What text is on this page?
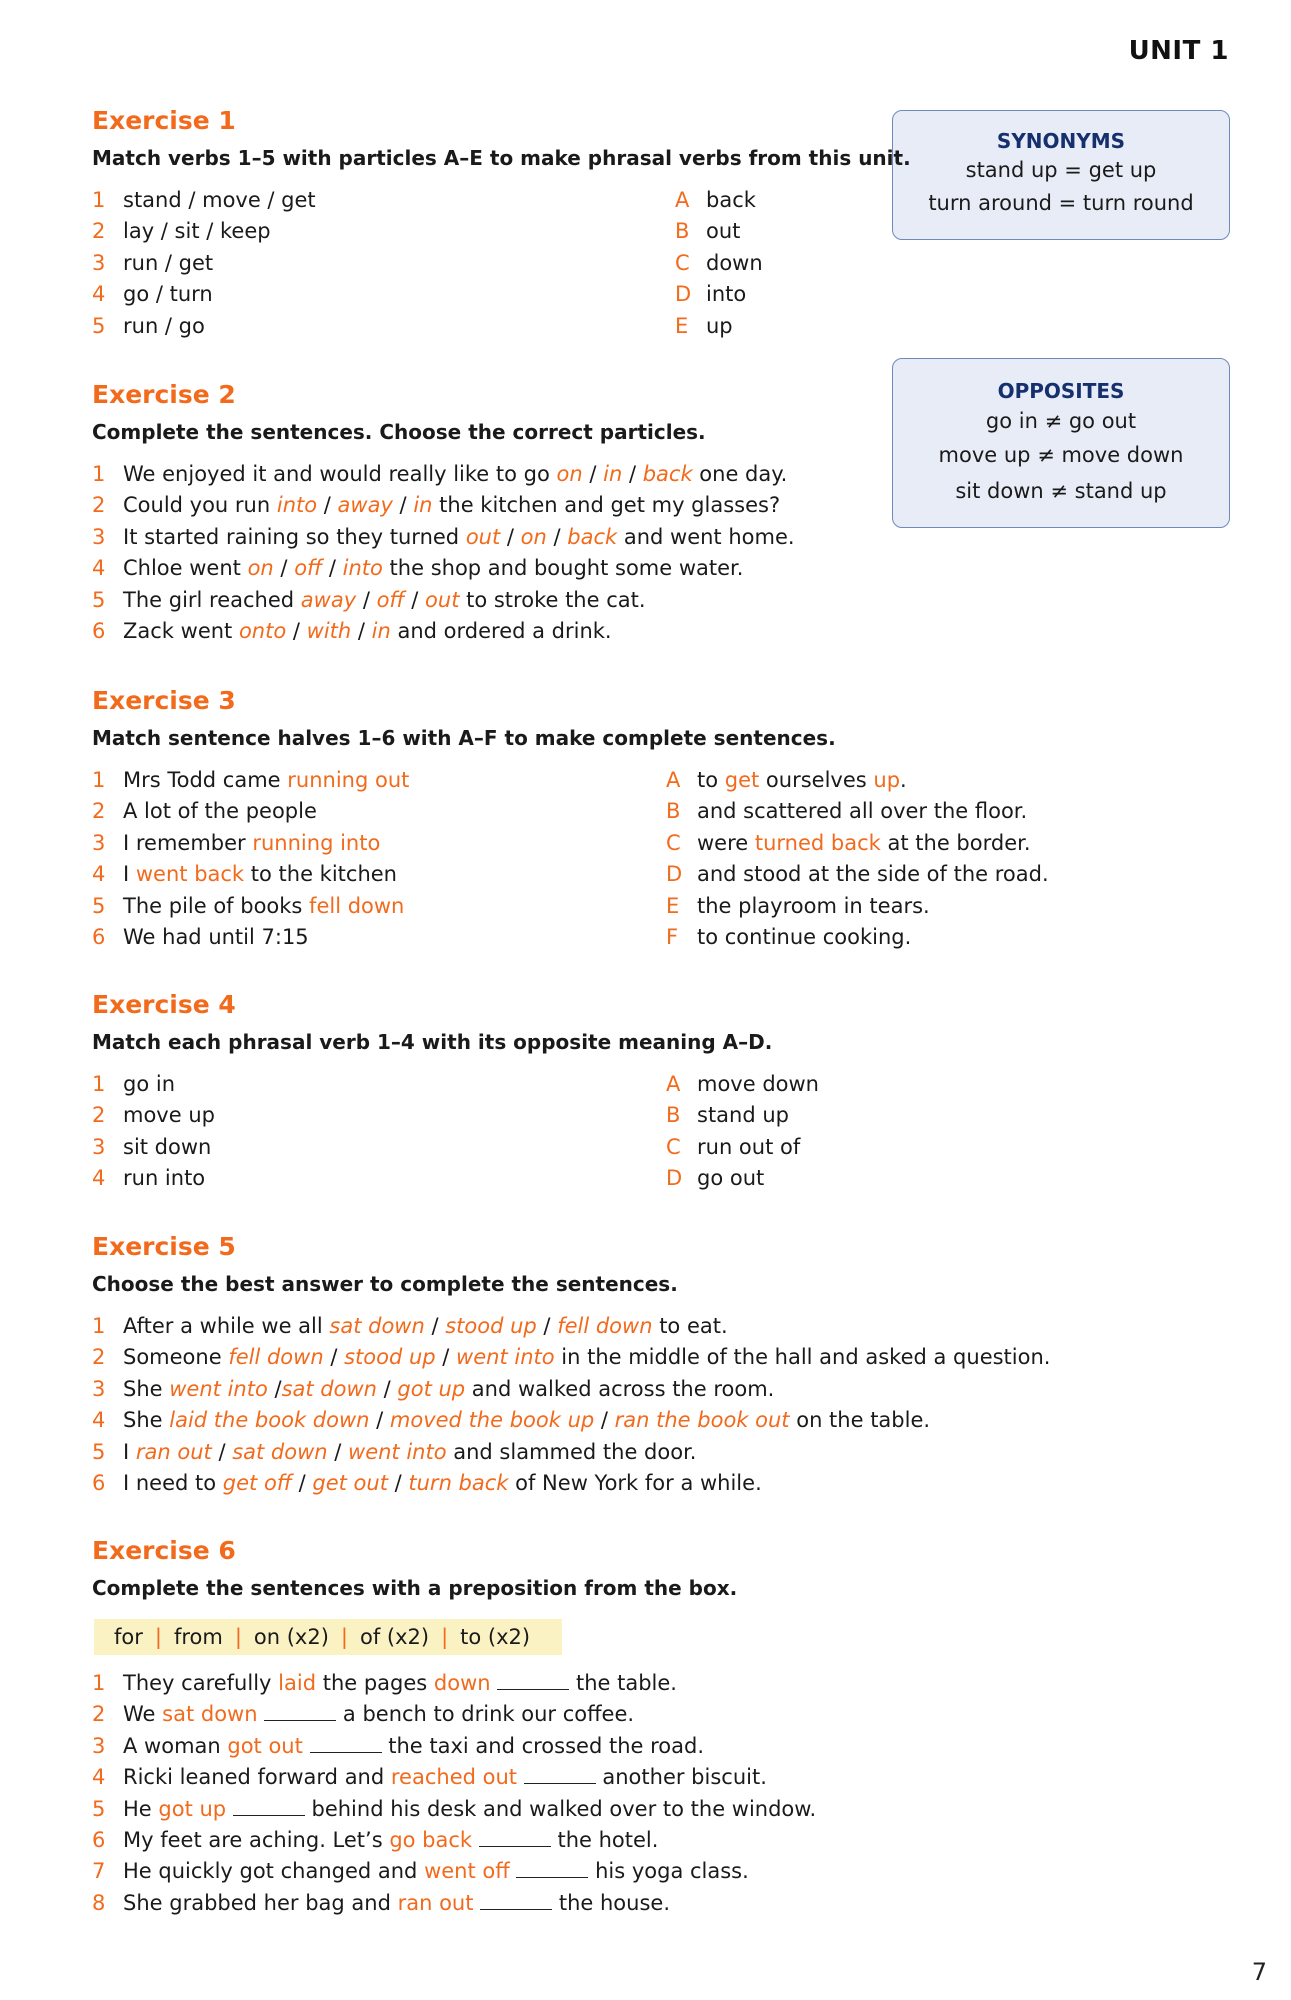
UNIT 1
SYNONYMS
stand up = get up
turn around = turn round
OPPOSITES
go in ≠ go out
move up ≠ move down
sit down ≠ stand up
Exercise 1
Match verbs 1–5 with particles A–E to make phrasal verbs from this unit.
1 stand / move / get	A back
2 lay / sit / keep	B out
3 run / get	C down
4 go / turn	D into
5 run / go	E up
Exercise 2
Complete the sentences. Choose the correct particles.
1 We enjoyed it and would really like to go on / in / back one day.
2 Could you run into / away / in the kitchen and get my glasses?
3 It started raining so they turned out / on / back and went home.
4 Chloe went on / off / into the shop and bought some water.
5 The girl reached away / off / out to stroke the cat.
6 Zack went onto / with / in and ordered a drink.
Exercise 3
Match sentence halves 1–6 with A–F to make complete sentences.
1 Mrs Todd came running out	A to get ourselves up.
2 A lot of the people	B and scattered all over the floor.
3 I remember running into	C were turned back at the border.
4 I went back to the kitchen	D and stood at the side of the road.
5 The pile of books fell down	E the playroom in tears.
6 We had until 7:15	F to continue cooking.
Exercise 4
Match each phrasal verb 1–4 with its opposite meaning A–D.
1 go in	A move down
2 move up	B stand up
3 sit down	C run out of
4 run into	D go out
Exercise 5
Choose the best answer to complete the sentences.
1 After a while we all sat down / stood up / fell down to eat.
2 Someone fell down / stood up / went into in the middle of the hall and asked a question.
3 She went into /sat down / got up and walked across the room.
4 She laid the book down / moved the book up / ran the book out on the table.
5 I ran out / sat down / went into and slammed the door.
6 I need to get off / get out / turn back of New York for a while.
Exercise 6
Complete the sentences with a preposition from the box.
for | from | on (x2) | of (x2) | to (x2)
1 They carefully laid the pages down	the table.
2 We sat down	a bench to drink our coffee.
3 A woman got out	the taxi and crossed the road.
4 Ricki leaned forward and reached out	another biscuit.
5 He got up	behind his desk and walked over to the window.
6 My feet are aching. Let’s go back	the hotel.
7 He quickly got changed and went off	his yoga class.
8 She grabbed her bag and ran out	the house.
7
